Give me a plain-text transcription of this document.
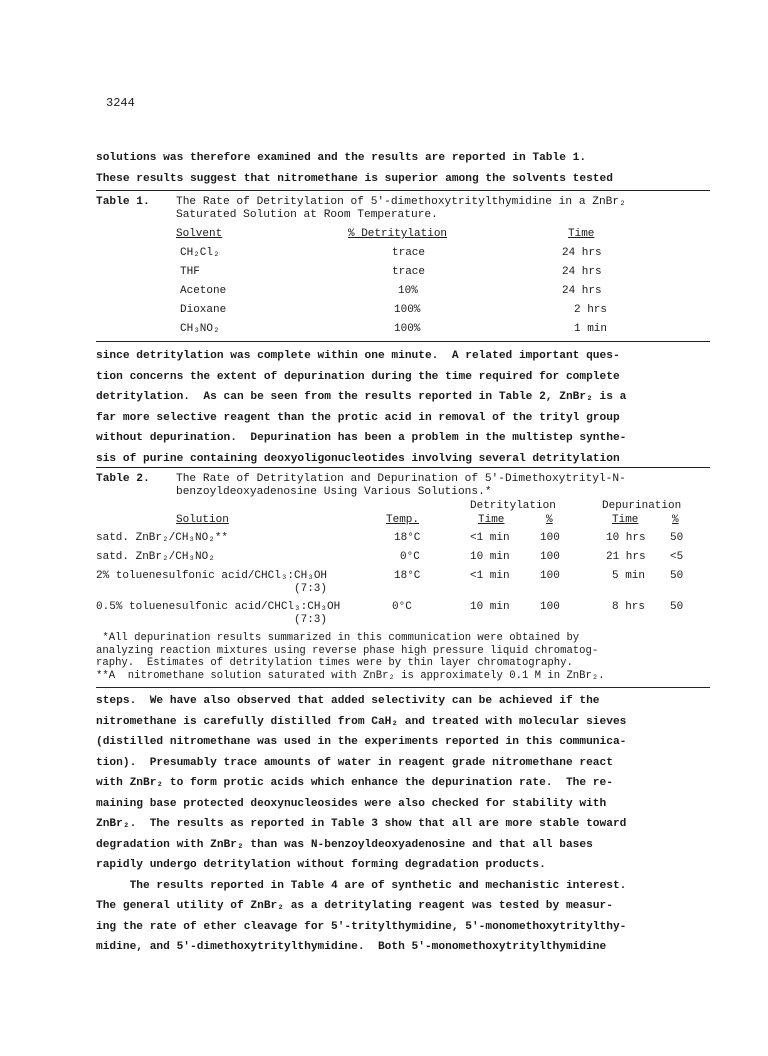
3244
solutions was therefore examined and the results are reported in Table 1.
These results suggest that nitromethane is superior among the solvents tested
Table 1. The Rate of Detritylation of 5'-dimethoxytritylthymidine in a ZnBr₂
Saturated Solution at Room Temperature.
Solvent	% Detritylation	Time
CH₂Cl₂	trace	24 hrs
THF	trace	24 hrs
Acetone	10%	24 hrs
Dioxane	100%	2 hrs
CH₃NO₂	100%	1 min
since detritylation was complete within one minute.  A related important ques-
tion concerns the extent of depurination during the time required for complete
detritylation.  As can be seen from the results reported in Table 2, ZnBr₂ is a
far more selective reagent than the protic acid in removal of the trityl group
without depurination.  Depurination has been a problem in the multistep synthe-
sis of purine containing deoxyoligonucleotides involving several detritylation
Table 2. The Rate of Detritylation and Depurination of 5'-Dimethoxytrityl-N-
benzoyldeoxyadenosine Using Various Solutions.*
Detritylation	Depurination
Solution	Temp.	Time	%	Time	%
satd. ZnBr₂/CH₃NO₂**	18°C	<1 min	100	10 hrs 50
satd. ZnBr₂/CH₃NO₂	0°C	10 min	100	21 hrs <5
2% toluenesulfonic acid/CHCl₃:CH₃OH
(7:3)
18°C	<1 min	100	5 min 50
0.5% toluenesulfonic acid/CHCl₃:CH₃OH
(7:3)
0°C	10 min	100	8 hrs 50
*All depurination results summarized in this communication were obtained by
analyzing reaction mixtures using reverse phase high pressure liquid chromatog-
raphy.  Estimates of detritylation times were by thin layer chromatography.
**A  nitromethane solution saturated with ZnBr₂ is approximately 0.1 M in ZnBr₂.
steps.  We have also observed that added selectivity can be achieved if the
nitromethane is carefully distilled from CaH₂ and treated with molecular sieves
(distilled nitromethane was used in the experiments reported in this communica-
tion).  Presumably trace amounts of water in reagent grade nitromethane react
with ZnBr₂ to form protic acids which enhance the depurination rate.  The re-
maining base protected deoxynucleosides were also checked for stability with
ZnBr₂.  The results as reported in Table 3 show that all are more stable toward
degradation with ZnBr₂ than was N-benzoyldeoxyadenosine and that all bases
rapidly undergo detritylation without forming degradation products.
The results reported in Table 4 are of synthetic and mechanistic interest.
The general utility of ZnBr₂ as a detritylating reagent was tested by measur-
ing the rate of ether cleavage for 5'-tritylthymidine, 5'-monomethoxytritylthy-
midine, and 5'-dimethoxytritylthymidine.  Both 5'-monomethoxytritylthymidine
